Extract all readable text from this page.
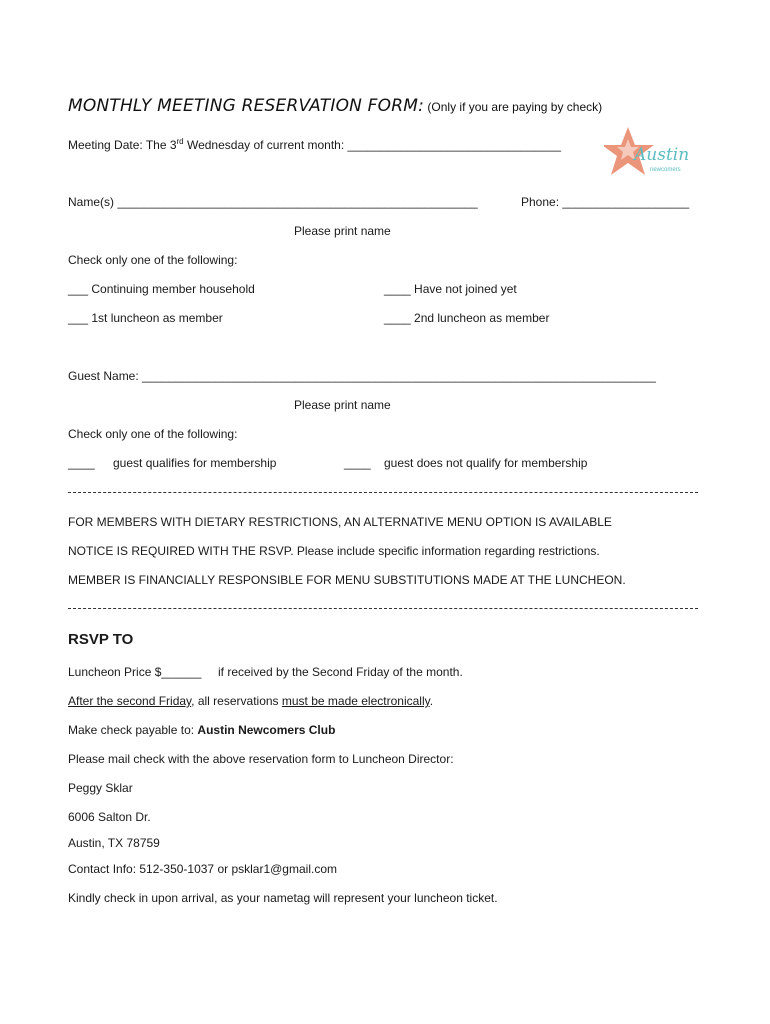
MONTHLY MEETING RESERVATION FORM: (Only if you are paying by check)
Austin
newcomers
Meeting Date: The 3rd Wednesday of current month: ________________________________
Name(s) ______________________________________________________	Phone: ___________________
Please print name
Check only one of the following:
___ Continuing member household	____ Have not joined yet
___ 1st luncheon as member	____ 2nd luncheon as member
Guest Name: _____________________________________________________________________________
Please print name
Check only one of the following:
____ guest qualifies for membership	____ guest does not qualify for membership
FOR MEMBERS WITH DIETARY RESTRICTIONS, AN ALTERNATIVE MENU OPTION IS AVAILABLE
NOTICE IS REQUIRED WITH THE RSVP. Please include specific information regarding restrictions.
MEMBER IS FINANCIALLY RESPONSIBLE FOR MENU SUBSTITUTIONS MADE AT THE LUNCHEON.
RSVP TO
Luncheon Price $______ if received by the Second Friday of the month.
After the second Friday, all reservations must be made electronically.
Make check payable to: Austin Newcomers Club
Please mail check with the above reservation form to Luncheon Director:
Peggy Sklar
6006 Salton Dr.
Austin, TX 78759
Contact Info: 512-350-1037 or psklar1@gmail.com
Kindly check in upon arrival, as your nametag will represent your luncheon ticket.
